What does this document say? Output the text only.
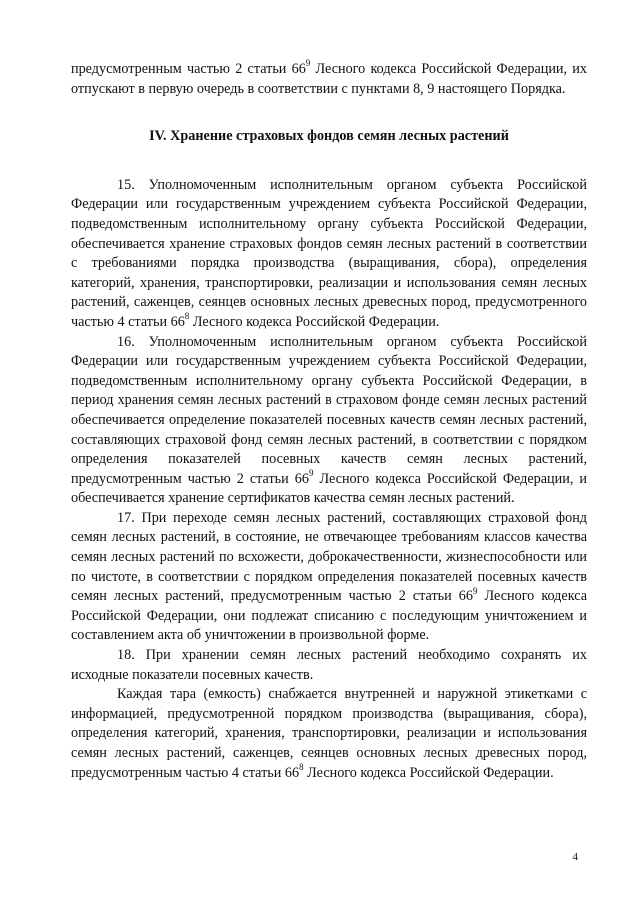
предусмотренным частью 2 статьи $66^9$ Лесного кодекса Российской Федерации, их отпускают в первую очередь в соответствии с пунктами 8, 9 настоящего Порядка.

IV. Хранение страховых фондов семян лесных растений

15. Уполномоченным исполнительным органом субъекта Российской Федерации или государственным учреждением субъекта Российской Федерации, подведомственным исполнительному органу субъекта Российской Федерации, обеспечивается хранение страховых фондов семян лесных растений в соответствии с требованиями порядка производства (выращивания, сбора), определения категорий, хранения, транспортировки, реализации и использования семян лесных растений, саженцев, сеянцев основных лесных древесных пород, предусмотренного частью 4 статьи $66^8$ Лесного кодекса Российской Федерации.

16. Уполномоченным исполнительным органом субъекта Российской Федерации или государственным учреждением субъекта Российской Федерации, подведомственным исполнительному органу субъекта Российской Федерации, в период хранения семян лесных растений в страховом фонде семян лесных растений обеспечивается определение показателей посевных качеств семян лесных растений, составляющих страховой фонд семян лесных растений, в соответствии с порядком определения показателей посевных качеств семян лесных растений, предусмотренным частью 2 статьи $66^9$ Лесного кодекса Российской Федерации, и обеспечивается хранение сертификатов качества семян лесных растений.

17. При переходе семян лесных растений, составляющих страховой фонд семян лесных растений, в состояние, не отвечающее требованиям классов качества семян лесных растений по всхожести, доброкачественности, жизнеспособности или по чистоте, в соответствии с порядком определения показателей посевных качеств семян лесных растений, предусмотренным частью 2 статьи $66^9$ Лесного кодекса Российской Федерации, они подлежат списанию с последующим уничтожением и составлением акта об уничтожении в произвольной форме.

18. При хранении семян лесных растений необходимо сохранять их исходные показатели посевных качеств.

Каждая тара (емкость) снабжается внутренней и наружной этикетками с информацией, предусмотренной порядком производства (выращивания, сбора), определения категорий, хранения, транспортировки, реализации и использования семян лесных растений, саженцев, сеянцев основных лесных древесных пород, предусмотренным частью 4 статьи $66^8$ Лесного кодекса Российской Федерации.

4
